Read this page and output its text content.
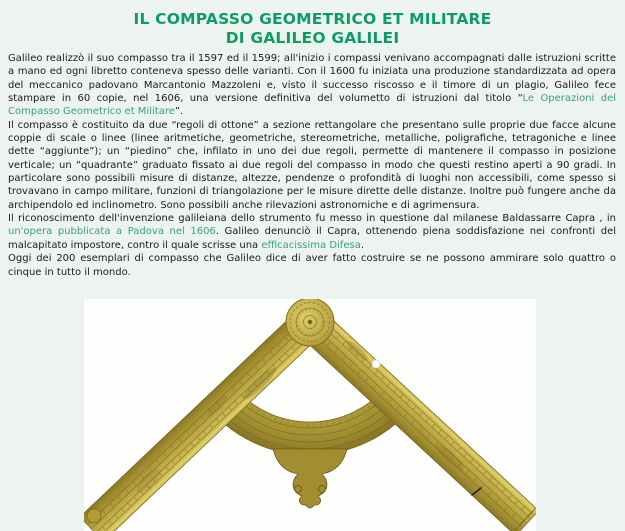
IL COMPASSO GEOMETRICO ET MILITARE
DI GALILEO GALILEI
Galileo realizzò il suo compasso tra il 1597 ed il 1599; all'inizio i compassi venivano accompagnati dalle istruzioni scritte a mano ed ogni libretto conteneva spesso delle varianti. Con il 1600 fu iniziata una produzione standardizzata ad opera del meccanico padovano Marcantonio Mazzoleni e, visto il successo riscosso e il timore di un plagio, Galileo fece stampare in 60 copie, nel 1606, una versione definitiva del volumetto di istruzioni dal titolo “Le Operazioni del Compasso Geometrico et Militare”.
Il compasso è costituito da due “regoli di ottone” a sezione rettangolare che presentano sulle proprie due facce alcune coppie di scale o linee (linee aritmetiche, geometriche, stereometriche, metalliche, poligrafiche, tetragoniche e linee dette “aggiunte”); un “piedino” che, infilato in uno dei due regoli, permette di mantenere il compasso in posizione verticale; un “quadrante” graduato fissato ai due regoli del compasso in modo che questi restino aperti a 90 gradi. In particolare sono possibili misure di distanze, altezze, pendenze o profondità di luoghi non accessibili, come spesso si trovavano in campo militare, funzioni di triangolazione per le misure dirette delle distanze. Inoltre può fungere anche da archipendolo ed inclinometro. Sono possibili anche rilevazioni astronomiche e di agrimensura.
Il riconoscimento dell'invenzione galileiana dello strumento fu messo in questione dal milanese Baldassarre Capra , in un'opera pubblicata a Padova nel 1606. Galileo denunciò il Capra, ottenendo piena soddisfazione nei confronti del malcapitato impostore, contro il quale scrisse una efficacissima Difesa.
Oggi dei 200 esemplari di compasso che Galileo dice di aver fatto costruire se ne possono ammirare solo quattro o cinque in tutto il mondo.
